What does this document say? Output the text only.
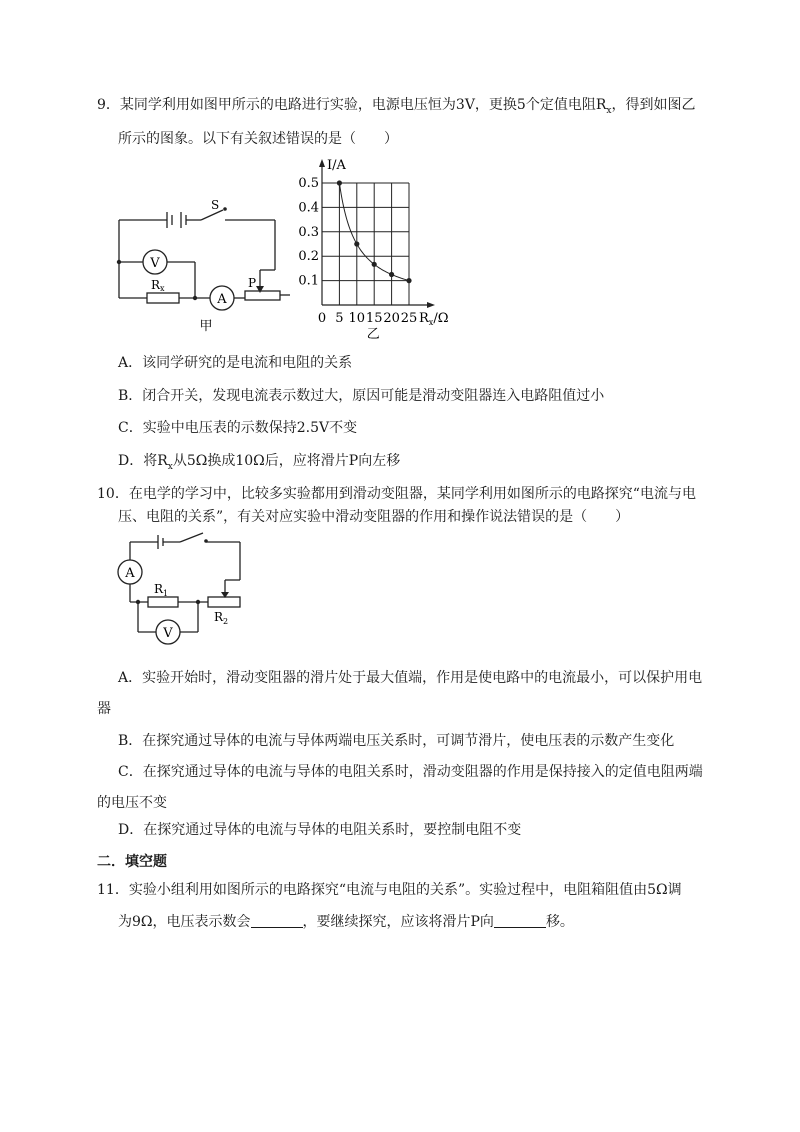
9．某同学利用如图甲所示的电路进行实验，电源电压恒为3V，更换5个定值电阻$R_x$，得到如图乙
所示的图象。以下有关叙述错误的是（　　）
V
A
S
R x	P
甲
0 5 10 15 20 25
0.1
0.2
0.3
0.4
0.5
I/A
$R_x/\Omega$
乙
A．该同学研究的是电流和电阻的关系
B．闭合开关，发现电流表示数过大，原因可能是滑动变阻器连入电路阻值过小
C．实验中电压表的示数保持2.5V不变
D．将$R_x$从5Ω换成10Ω后，应将滑片P向左移
10．在电学的学习中，比较多实验都用到滑动变阻器，某同学利用如图所示的电路探究“电流与电
压、电阻的关系”，有关对应实验中滑动变阻器的作用和操作说法错误的是（　　）
A
V
R 1
R 2
A．实验开始时，滑动变阻器的滑片处于最大值端，作用是使电路中的电流最小，可以保护用电
器
B．在探究通过导体的电流与导体两端电压关系时，可调节滑片，使电压表的示数产生变化
C．在探究通过导体的电流与导体的电阻关系时，滑动变阻器的作用是保持接入的定值电阻两端
的电压不变
D．在探究通过导体的电流与导体的电阻关系时，要控制电阻不变
二．填空题
11．实验小组利用如图所示的电路探究“电流与电阻的关系”。实验过程中，电阻箱阻值由5Ω调
为9Ω，电压表示数会	，要继续探究，应该将滑片P向	移。
